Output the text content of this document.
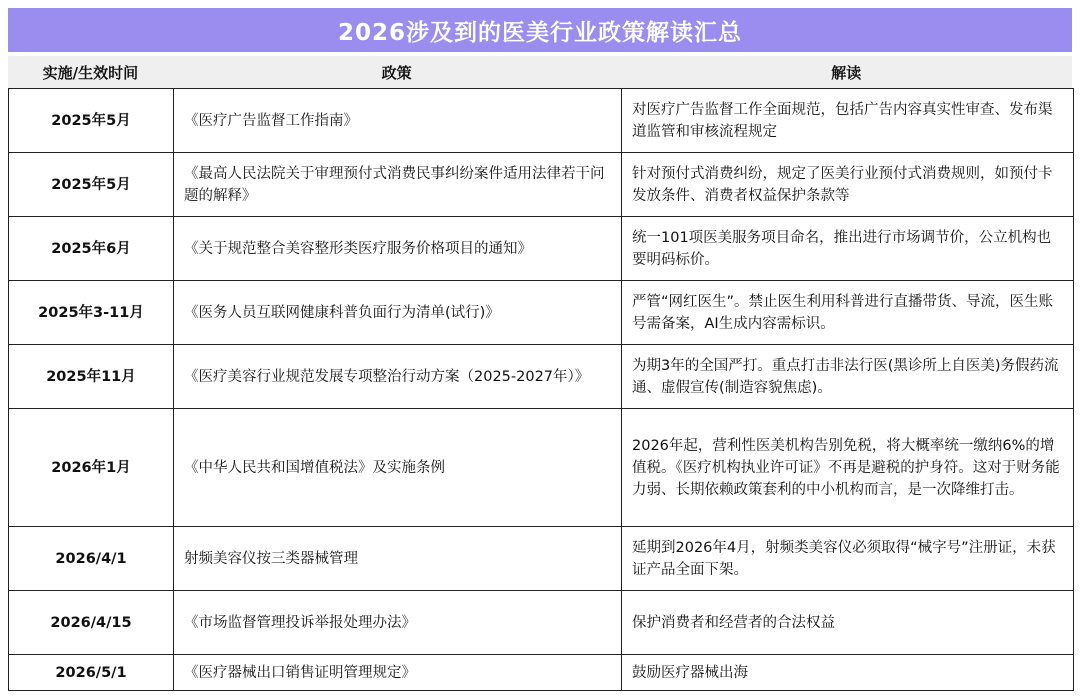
2026涉及到的医美行业政策解读汇总
实施/生效时间	政策	解读
2025年5月	《医疗广告监督工作指南》	对医疗广告监督工作全面规范，包括广告内容真实性审查、发布渠道监管和审核流程规定
2025年5月	《最高人民法院关于审理预付式消费民事纠纷案件适用法律若干问题的解释》	针对预付式消费纠纷，规定了医美行业预付式消费规则，如预付卡发放条件、消费者权益保护条款等
2025年6月	《关于规范整合美容整形类医疗服务价格项目的通知》	统一101项医美服务项目命名，推出进行市场调节价，公立机构也要明码标价。
2025年3-11月	《医务人员互联网健康科普负面行为清单(试行)》	严管“网红医生”。禁止医生利用科普进行直播带货、导流，医生账号需备案，AI生成内容需标识。
2025年11月	《医疗美容行业规范发展专项整治行动方案（2025-2027年）》	为期3年的全国严打。重点打击非法行医(黑诊所上自医美)务假药流通、虚假宣传(制造容貌焦虑)。
2026年1月	《中华人民共和国增值税法》及实施条例	2026年起，营利性医美机构告别免税，将大概率统一缴纳6%的增值税。《医疗机构执业许可证》不再是避税的护身符。这对于财务能力弱、长期依赖政策套利的中小机构而言，是一次降维打击。
2026/4/1	射频美容仪按三类器械管理	延期到2026年4月，射频类美容仪必须取得“械字号”注册证，未获证产品全面下架。
2026/4/15	《市场监督管理投诉举报处理办法》	保护消费者和经营者的合法权益
2026/5/1	《医疗器械出口销售证明管理规定》	鼓励医疗器械出海
